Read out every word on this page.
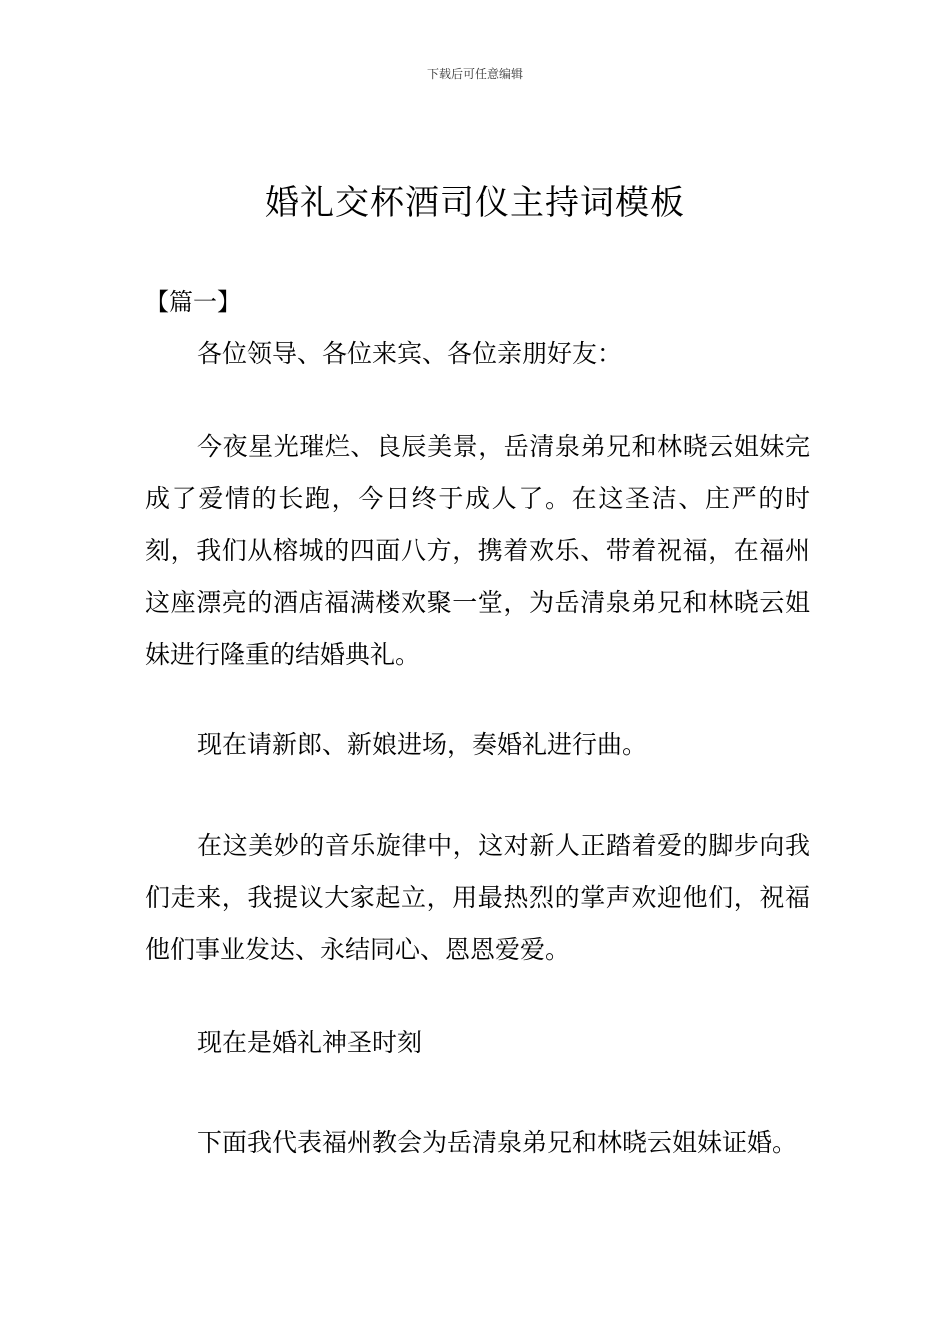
下载后可任意编辑
婚礼交杯酒司仪主持词模板
【篇一】
各位领导、各位来宾、各位亲朋好友：
今夜星光璀烂、良辰美景，岳清泉弟兄和林晓云姐妹完成了爱情的长跑，今日终于成人了。在这圣洁、庄严的时刻，我们从榕城的四面八方，携着欢乐、带着祝福，在福州这座漂亮的酒店福满楼欢聚一堂，为岳清泉弟兄和林晓云姐妹进行隆重的结婚典礼。
现在请新郎、新娘进场，奏婚礼进行曲。
在这美妙的音乐旋律中，这对新人正踏着爱的脚步向我们走来，我提议大家起立，用最热烈的掌声欢迎他们，祝福他们事业发达、永结同心、恩恩爱爱。
现在是婚礼神圣时刻
下面我代表福州教会为岳清泉弟兄和林晓云姐妹证婚。
